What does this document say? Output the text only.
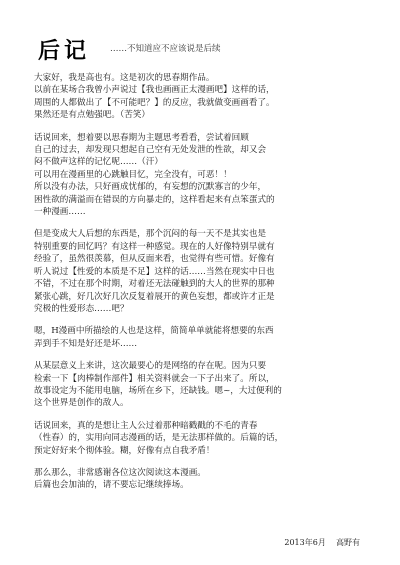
后记 ……不知道应不应该说是后续

大家好，我是高也有。这是初次的思春期作品。
以前在某场合我曾小声说过【我也画画正太漫画吧】这样的话，
周围的人都做出了【不可能吧？】的反应，我就做变画画看了。
果然还是有点勉强吧。（苦笑）

话说回来，想着要以思春期为主题思考看看，尝试着回顾
自己的过去，却发现只想起自己空有无处发泄的性欲，却又会
闷不做声这样的记忆呢……（汗）
可以用在漫画里的心跳触目忆，完全没有，可恶！！
所以没有办法，只好画成忧郁的，有妄想的沉默寡言的少年，
困性欲的满溢而在错误的方向暴走的，这样看起来有点笨蛋式的
一种漫画……

但是变成大人后想的东西是，那个沉闷的每一天不是其实也是
特别重要的回忆吗？有这样一种感觉。现在的人好像特别早就有
经验了，虽然很羡慕，但从反面来看，也觉得有些可惜。好像有
听人说过【性爱的本质是不足】这样的话……当然在现实中日也
不错，不过在那个时期，对着还无法碰触到的大人的世界的那种
紧张心跳，好几次好几次反复着展开的黄色妄想，都或许才正是
究极的性爱形态……吧？

嗯，H漫画中所描绘的人也是这样，简简单单就能将想要的东西
弄到手不知是好还是坏……

从某层意义上来讲，这次最要心的是网络的存在呢。因为只要
检索一下【肉棒制作部件】相关资料就会一下子出来了。所以，
故事设定为不能用电脑，场所在乡下，还缺钱。嗯~，大过便利的
这个世界是创作的敌人。

话说回来，真的是想让主人公过着那种暗戳戳的不毛的青春
（性春）的，实用向同志漫画的话，是无法那样做的。后篇的话，
预定好好来个彻体验。糊，好像有点自我矛盾！

那么那么，非常感谢各位这次阅读这本漫画。
后篇也会加油的，请不要忘记继续捧场。

2013年6月 高野有
